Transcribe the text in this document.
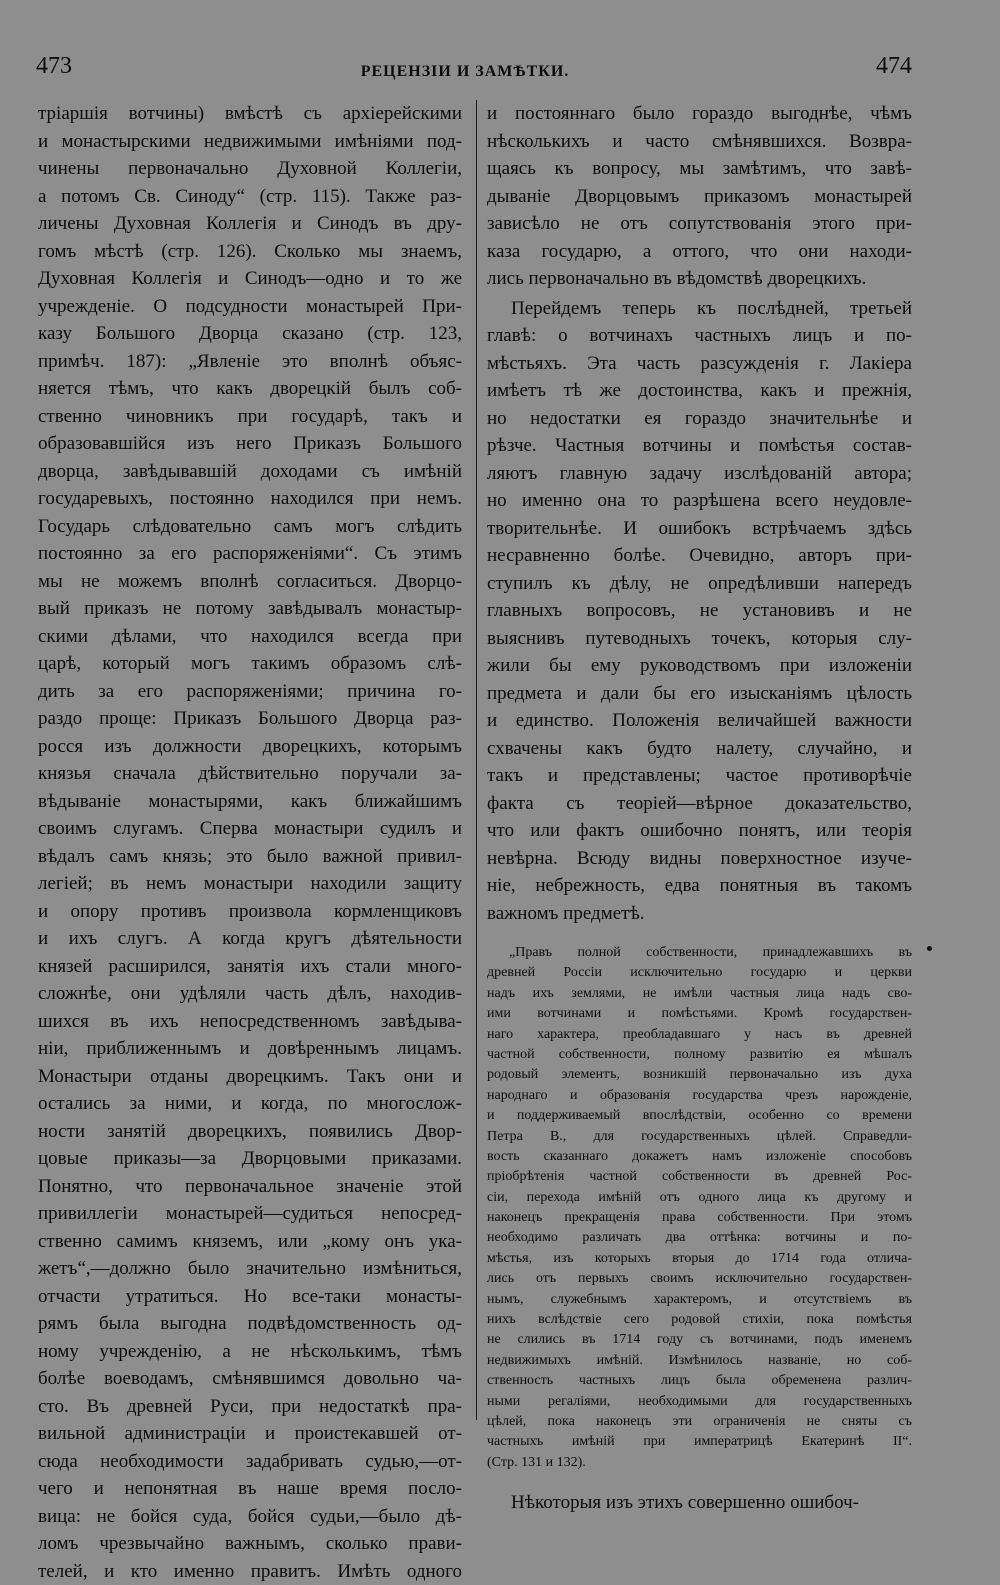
473	РЕЦЕНЗІИ И ЗАМѢТКИ.	474
тріаршія вотчины) вмѣстѣ съ архіерейскими
и монастырскими недвижимыми имѣніями под-
чинены первоначально Духовной Коллегіи,
а потомъ Св. Синоду“ (стр. 115). Также раз-
личены Духовная Коллегія и Синодъ въ дру-
гомъ мѣстѣ (стр. 126). Сколько мы знаемъ,
Духовная Коллегія и Синодъ—одно и то же
учрежденіе. О подсудности монастырей При-
казу Большого Дворца сказано (стр. 123,
примѣч. 187): „Явленіе это вполнѣ объяс-
няется тѣмъ, что какъ дворецкій былъ соб-
ственно чиновникъ при государѣ, такъ и
образовавшійся изъ него Приказъ Большого
дворца, завѣдывавшій доходами съ имѣній
государевыхъ, постоянно находился при немъ.
Государь слѣдовательно самъ могъ слѣдить
постоянно за его распоряженіями“. Съ этимъ
мы не можемъ вполнѣ согласиться. Дворцо-
вый приказъ не потому завѣдывалъ монастыр-
скими дѣлами, что находился всегда при
царѣ, который могъ такимъ образомъ слѣ-
дить за его распоряженіями; причина го-
раздо проще: Приказъ Большого Дворца раз-
росся изъ должности дворецкихъ, которымъ
князья сначала дѣйствительно поручали за-
вѣдываніе монастырями, какъ ближайшимъ
своимъ слугамъ. Сперва монастыри судилъ и
вѣдалъ самъ князь; это было важной привил-
легіей; въ немъ монастыри находили защиту
и опору противъ произвола кормленщиковъ
и ихъ слугъ. А когда кругъ дѣятельности
князей расширился, занятія ихъ стали много-
сложнѣе, они удѣляли часть дѣлъ, находив-
шихся въ ихъ непосредственномъ завѣдыва-
ніи, приближеннымъ и довѣреннымъ лицамъ.
Монастыри отданы дворецкимъ. Такъ они и
остались за ними, и когда, по многослож-
ности занятій дворецкихъ, появились Двор-
цовые приказы—за Дворцовыми приказами.
Понятно, что первоначальное значеніе этой
привиллегіи монастырей—судиться непосред-
ственно самимъ княземъ, или „кому онъ ука-
жетъ“,—должно было значительно измѣниться,
отчасти утратиться. Но все-таки монасты-
рямъ была выгодна подвѣдомственность од-
ному учрежденію, а не нѣсколькимъ, тѣмъ
болѣе воеводамъ, смѣнявшимся довольно ча-
сто. Въ древней Руси, при недостаткѣ пра-
вильной администраціи и проистекавшей от-
сюда необходимости задабривать судью,—от-
чего и непонятная въ наше время посло-
вица: не бойся суда, бойся судьи,—было дѣ-
ломъ чрезвычайно важнымъ, сколько прави-
телей, и кто именно правитъ. Имѣть одного
и постояннаго было гораздо выгоднѣе, чѣмъ
нѣсколькихъ и часто смѣнявшихся. Возвра-
щаясь къ вопросу, мы замѣтимъ, что завѣ-
дываніе Дворцовымъ приказомъ монастырей
зависѣло не отъ сопутствованія этого при-
каза государю, а оттого, что они находи-
лись первоначально въ вѣдомствѣ дворецкихъ.
Перейдемъ теперь къ послѣдней, третьей
главѣ: о вотчинахъ частныхъ лицъ и по-
мѣстьяхъ. Эта часть разсужденія г. Лакіера
имѣетъ тѣ же достоинства, какъ и прежнія,
но недостатки ея гораздо значительнѣе и
рѣзче. Частныя вотчины и помѣстья состав-
ляютъ главную задачу изслѣдованій автора;
но именно она то разрѣшена всего неудовле-
творительнѣе. И ошибокъ встрѣчаемъ здѣсь
несравненно болѣе. Очевидно, авторъ при-
ступилъ къ дѣлу, не опредѣливши напередъ
главныхъ вопросовъ, не установивъ и не
выяснивъ путеводныхъ точекъ, которыя слу-
жили бы ему руководствомъ при изложеніи
предмета и дали бы его изысканіямъ цѣлость
и единство. Положенія величайшей важности
схвачены какъ будто налету, случайно, и
такъ и представлены; частое противорѣчіе
факта съ теоріей—вѣрное доказательство,
что или фактъ ошибочно понятъ, или теорія
невѣрна. Всюду видны поверхностное изуче-
ніе, небрежность, едва понятныя въ такомъ
важномъ предметѣ.
„Правъ полной собственности, принадлежавшихъ въ
древней Россіи исключительно государю и церкви
надъ ихъ землями, не имѣли частныя лица надъ сво-
ими вотчинами и помѣстьями. Кромѣ государствен-
наго характера, преобладавшаго у насъ въ древней
частной собственности, полному развитію ея мѣшалъ
родовый элементъ, возникшій первоначально изъ духа
народнаго и образованія государства чрезъ нарожденіе,
и поддерживаемый впослѣдствіи, особенно со времени
Петра В., для государственныхъ цѣлей. Справедли-
вость сказаннаго докажетъ намъ изложеніе способовъ
пріобрѣтенія частной собственности въ древней Рос-
сіи, перехода имѣній отъ одного лица къ другому и
наконецъ прекращенія права собственности. При этомъ
необходимо различать два оттѣнка: вотчины и по-
мѣстья, изъ которыхъ вторыя до 1714 года отлича-
лись отъ первыхъ своимъ исключительно государствен-
нымъ, служебнымъ характеромъ, и отсутствіемъ въ
нихъ вслѣдствіе сего родовой стихіи, пока помѣстья
не слились въ 1714 году съ вотчинами, подъ именемъ
недвижимыхъ имѣній. Измѣнилось названіе, но соб-
ственность частныхъ лицъ была обременена различ-
ными регаліями, необходимыми для государственныхъ
цѣлей, пока наконецъ эти ограниченія не сняты съ
частныхъ имѣній при императрицѣ Екатеринѣ II“.
(Стр. 131 и 132).
Нѣкоторыя изъ этихъ совершенно ошибоч-
